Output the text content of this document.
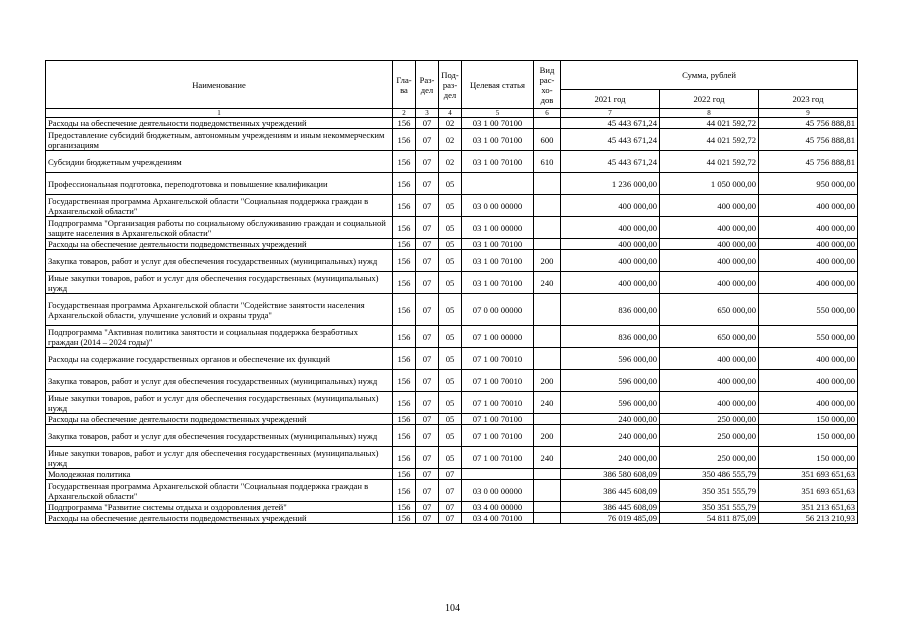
Наименование	Гла-ва	Раз-дел	Под-раз-дел	Целевая статья	Вид рас-хо-дов	Сумма, рублей		
						2021 год	2022 год	2023 год
1	2	3	4	5	6	7	8	9
Расходы на обеспечение деятельности подведомственных учреждений	156	07	02	03 1 00 70100		45 443 671,24	44 021 592,72	45 756 888,81
Предоставление субсидий бюджетным, автономным учреждениям и иным некоммерческим организациям	156	07	02	03 1 00 70100	600	45 443 671,24	44 021 592,72	45 756 888,81
Субсидии бюджетным учреждениям	156	07	02	03 1 00 70100	610	45 443 671,24	44 021 592,72	45 756 888,81
Профессиональная подготовка, переподготовка и повышение квалификации	156	07	05			1 236 000,00	1 050 000,00	950 000,00
Государственная программа Архангельской области "Социальная поддержка граждан в Архангельской области"	156	07	05	03 0 00 00000		400 000,00	400 000,00	400 000,00
Подпрограмма "Организация работы по социальному обслуживанию граждан и социальной защите населения в Архангельской области"	156	07	05	03 1 00 00000		400 000,00	400 000,00	400 000,00
Расходы на обеспечение деятельности подведомственных учреждений	156	07	05	03 1 00 70100		400 000,00	400 000,00	400 000,00
Закупка товаров, работ и услуг для обеспечения государственных (муниципальных) нужд	156	07	05	03 1 00 70100	200	400 000,00	400 000,00	400 000,00
Иные закупки товаров, работ и услуг для обеспечения государственных (муниципальных) нужд	156	07	05	03 1 00 70100	240	400 000,00	400 000,00	400 000,00
Государственная программа Архангельской области "Содействие занятости населения Архангельской области, улучшение условий и охраны труда"	156	07	05	07 0 00 00000		836 000,00	650 000,00	550 000,00
Подпрограмма "Активная политика занятости и социальная поддержка безработных граждан (2014 – 2024 годы)"	156	07	05	07 1 00 00000		836 000,00	650 000,00	550 000,00
Расходы на содержание государственных органов и обеспечение их функций	156	07	05	07 1 00 70010		596 000,00	400 000,00	400 000,00
Закупка товаров, работ и услуг для обеспечения государственных (муниципальных) нужд	156	07	05	07 1 00 70010	200	596 000,00	400 000,00	400 000,00
Иные закупки товаров, работ и услуг для обеспечения государственных (муниципальных) нужд	156	07	05	07 1 00 70010	240	596 000,00	400 000,00	400 000,00
Расходы на обеспечение деятельности подведомственных учреждений	156	07	05	07 1 00 70100		240 000,00	250 000,00	150 000,00
Закупка товаров, работ и услуг для обеспечения государственных (муниципальных) нужд	156	07	05	07 1 00 70100	200	240 000,00	250 000,00	150 000,00
Иные закупки товаров, работ и услуг для обеспечения государственных (муниципальных) нужд	156	07	05	07 1 00 70100	240	240 000,00	250 000,00	150 000,00
Молодежная политика	156	07	07			386 580 608,09	350 486 555,79	351 693 651,63
Государственная программа Архангельской области "Социальная поддержка граждан в Архангельской области"	156	07	07	03 0 00 00000		386 445 608,09	350 351 555,79	351 693 651,63
Подпрограмма "Развитие системы отдыха и оздоровления детей"	156	07	07	03 4 00 00000		386 445 608,09	350 351 555,79	351 213 651,63
Расходы на обеспечение деятельности подведомственных учреждений	156	07	07	03 4 00 70100		76 019 485,09	54 811 875,09	56 213 210,93
104
